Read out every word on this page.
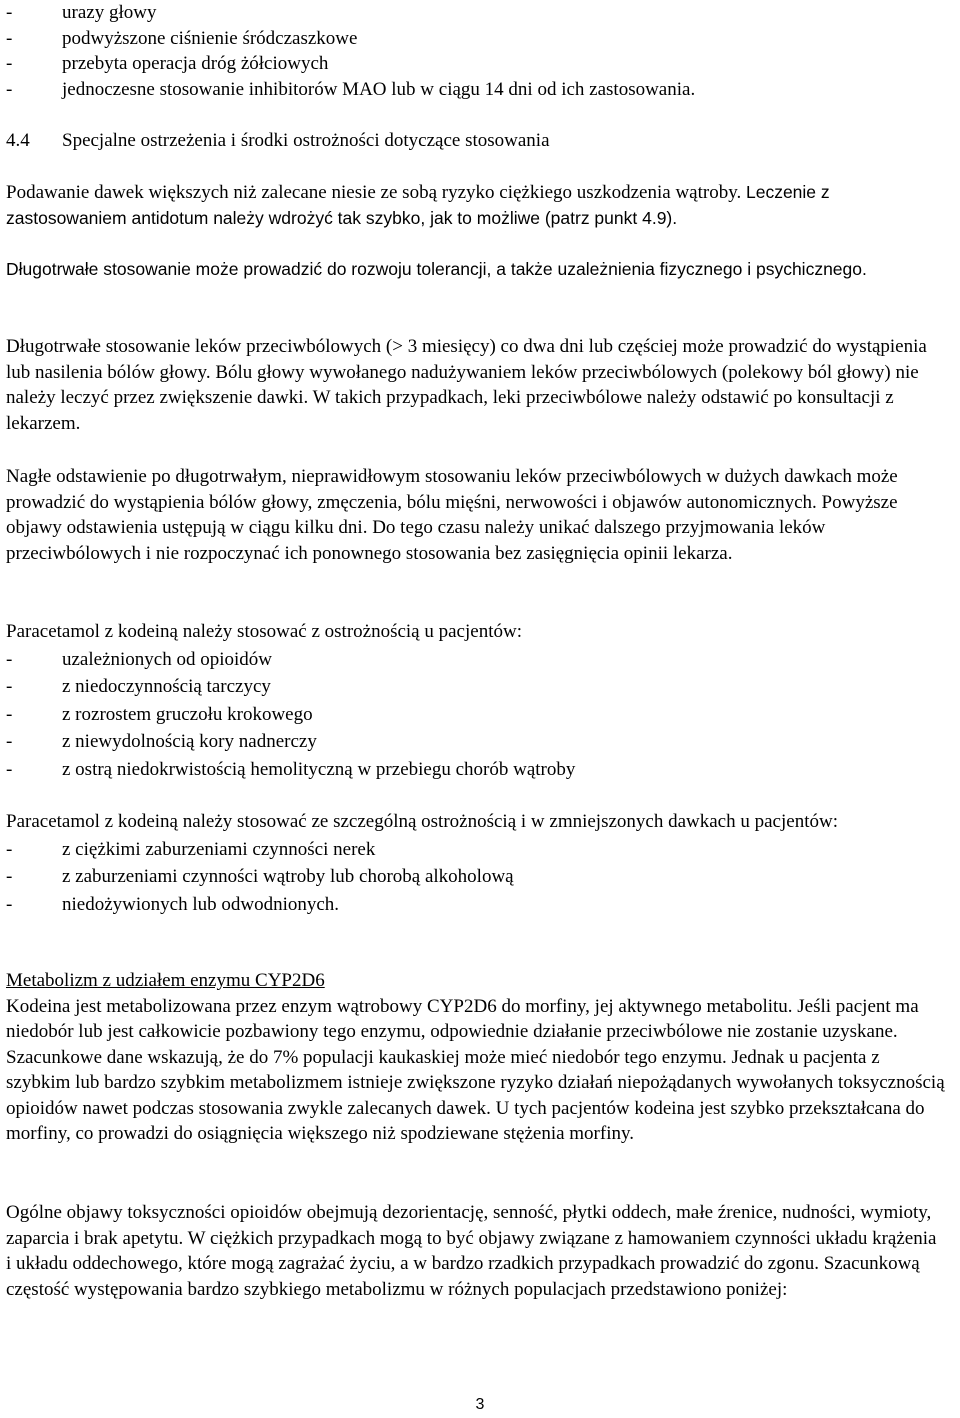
-	urazy głowy
-	podwyższone ciśnienie śródczaszkowe
-	przebyta operacja dróg żółciowych
-	jednoczesne stosowanie inhibitorów MAO lub w ciągu 14 dni od ich zastosowania.
4.4 Specjalne ostrzeżenia i środki ostrożności dotyczące stosowania

Podawanie dawek większych niż zalecane niesie ze sobą ryzyko ciężkiego uszkodzenia wątroby. Leczenie z zastosowaniem antidotum należy wdrożyć tak szybko, jak to możliwe (patrz punkt 4.9).

Długotrwałe stosowanie może prowadzić do rozwoju tolerancji, a także uzależnienia fizycznego i psychicznego.

Długotrwałe stosowanie leków przeciwbólowych (> 3 miesięcy) co dwa dni lub częściej może prowadzić do wystąpienia lub nasilenia bólów głowy. Bólu głowy wywołanego nadużywaniem leków przeciwbólowych (polekowy ból głowy) nie należy leczyć przez zwiększenie dawki. W takich przypadkach, leki przeciwbólowe należy odstawić po konsultacji z lekarzem.

Nagłe odstawienie po długotrwałym, nieprawidłowym stosowaniu leków przeciwbólowych w dużych dawkach może prowadzić do wystąpienia bólów głowy, zmęczenia, bólu mięśni, nerwowości i objawów autonomicznych. Powyższe objawy odstawienia ustępują w ciągu kilku dni. Do tego czasu należy unikać dalszego przyjmowania leków przeciwbólowych i nie rozpoczynać ich ponownego stosowania bez zasięgnięcia opinii lekarza.

Paracetamol z kodeiną należy stosować z ostrożnością u pacjentów:
-	uzależnionych od opioidów
-	z niedoczynnością tarczycy
-	z rozrostem gruczołu krokowego
-	z niewydolnością kory nadnerczy
-	z ostrą niedokrwistością hemolityczną w przebiegu chorób wątroby
Paracetamol z kodeiną należy stosować ze szczególną ostrożnością i w zmniejszonych dawkach u pacjentów:
-	z ciężkimi zaburzeniami czynności nerek
-	z zaburzeniami czynności wątroby lub chorobą alkoholową
-	niedożywionych lub odwodnionych.
Metabolizm z udziałem enzymu CYP2D6
Kodeina jest metabolizowana przez enzym wątrobowy CYP2D6 do morfiny, jej aktywnego metabolitu. Jeśli pacjent ma niedobór lub jest całkowicie pozbawiony tego enzymu, odpowiednie działanie przeciwbólowe nie zostanie uzyskane. Szacunkowe dane wskazują, że do 7% populacji kaukaskiej może mieć niedobór tego enzymu. Jednak u pacjenta z szybkim lub bardzo szybkim metabolizmem istnieje zwiększone ryzyko działań niepożądanych wywołanych toksycznością opioidów nawet podczas stosowania zwykle zalecanych dawek. U tych pacjentów kodeina jest szybko przekształcana do morfiny, co prowadzi do osiągnięcia większego niż spodziewane stężenia morfiny.

Ogólne objawy toksyczności opioidów obejmują dezorientację, senność, płytki oddech, małe źrenice, nudności, wymioty, zaparcia i brak apetytu. W ciężkich przypadkach mogą to być objawy związane z hamowaniem czynności układu krążenia i układu oddechowego, które mogą zagrażać życiu, a w bardzo rzadkich przypadkach prowadzić do zgonu. Szacunkową częstość występowania bardzo szybkiego metabolizmu w różnych populacjach przedstawiono poniżej:

3
